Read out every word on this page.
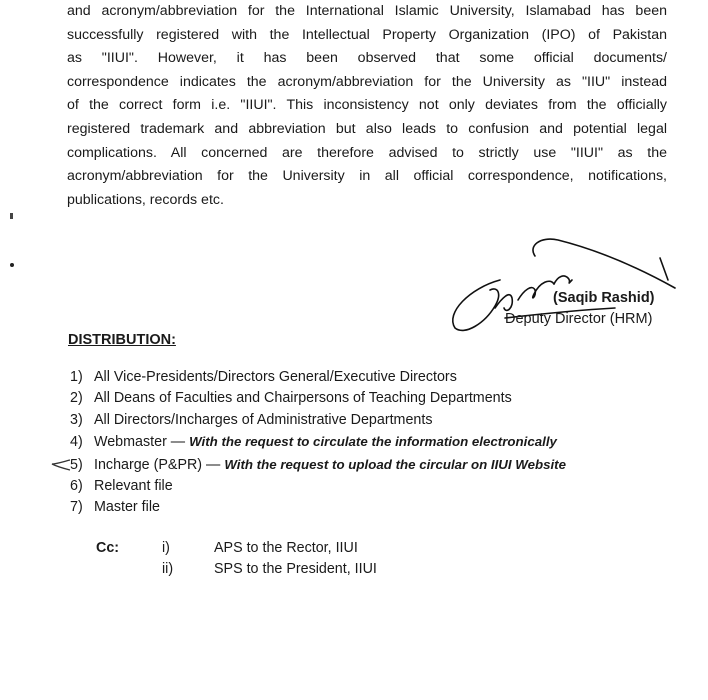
and acronym/abbreviation for the International Islamic University, Islamabad has been
successfully registered with the Intellectual Property Organization (IPO) of Pakistan
as "IIUI". However, it has been observed that some official documents/
correspondence indicates the acronym/abbreviation for the University as "IIU" instead
of the correct form i.e. "IIUI". This inconsistency not only deviates from the officially
registered trademark and abbreviation but also leads to confusion and potential legal
complications. All concerned are therefore advised to strictly use "IIUI" as the
acronym/abbreviation for the University in all official correspondence, notifications,
publications, records etc.
(Saqib Rashid)
Deputy Director (HRM)
DISTRIBUTION:
1) All Vice-Presidents/Directors General/Executive Directors
2) All Deans of Faculties and Chairpersons of Teaching Departments
3) All Directors/Incharges of Administrative Departments
4) Webmaster — With the request to circulate the information electronically
5) Incharge (P&PR) — With the request to upload the circular on IIUI Website
6) Relevant file
7) Master file
Cc:	i)
ii)
APS to the Rector, IIUI
SPS to the President, IIUI
